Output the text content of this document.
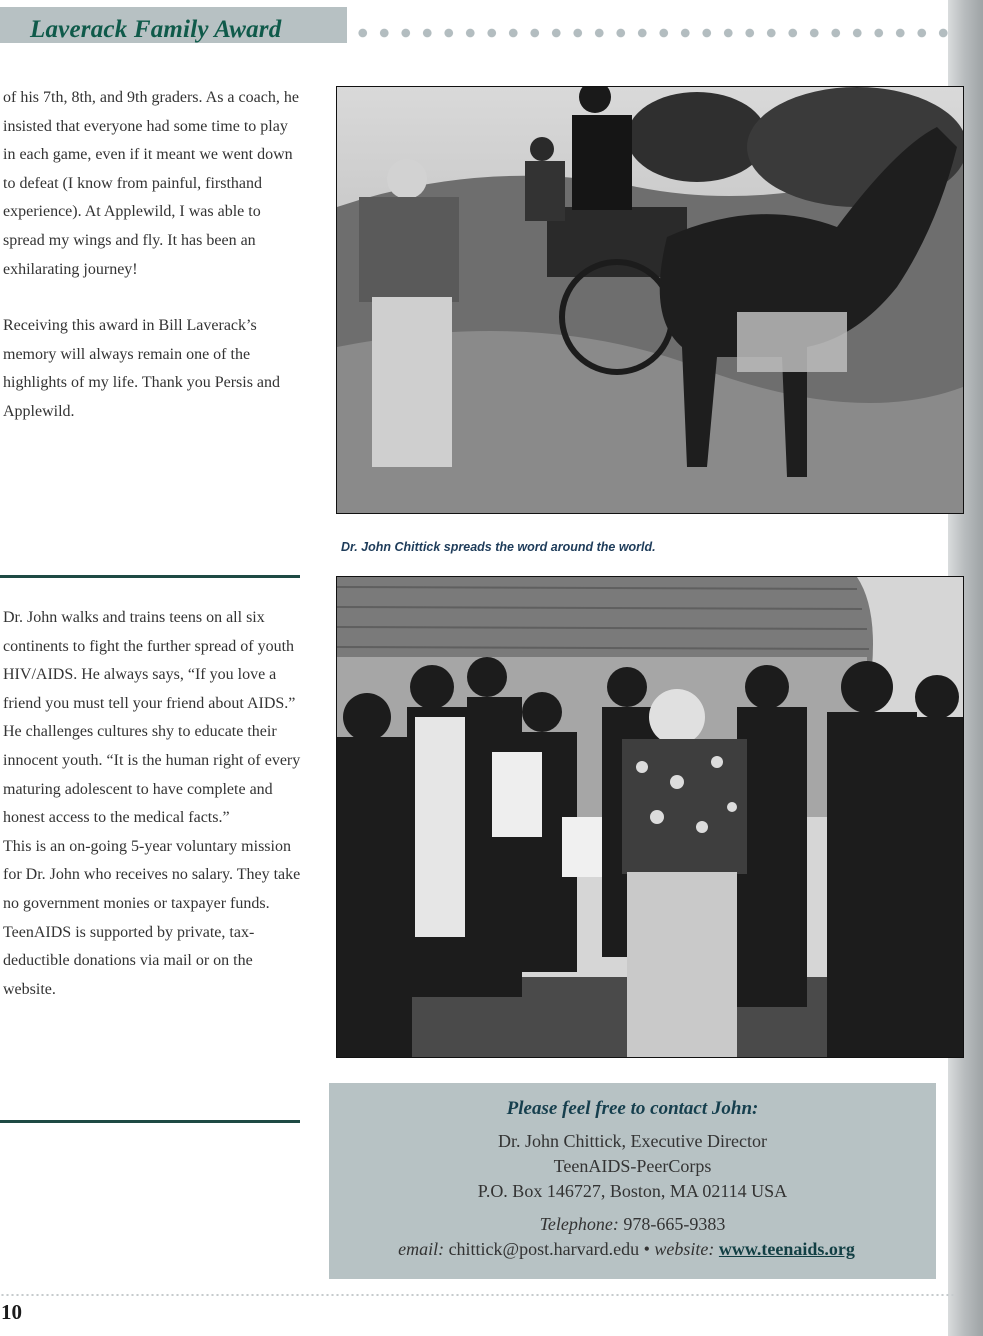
Laverack Family Award

of his 7th, 8th, and 9th graders. As a coach, he insisted that everyone had some time to play in each game, even if it meant we went down to defeat (I know from painful, firsthand experience). At Applewild, I was able to spread my wings and fly. It has been an exhilarating journey!

Receiving this award in Bill Laverack’s memory will always remain one of the highlights of my life. Thank you Persis and Applewild.

Dr. John walks and trains teens on all six continents to fight the further spread of youth HIV/AIDS. He always says, “If you love a friend you must tell your friend about AIDS.” He challenges cultures shy to educate their innocent youth. “It is the human right of every maturing adolescent to have complete and honest access to the medical facts.”

This is an on-going 5-year voluntary mission for Dr. John who receives no salary. They take no government monies or taxpayer funds. TeenAIDS is supported by private, tax-deductible donations via mail or on the website.

Dr. John Chittick spreads the word around the world.
Please feel free to contact John:
Dr. John Chittick, Executive Director
TeenAIDS-PeerCorps
P.O. Box 146727, Boston, MA 02114 USA
Telephone: 978-665-9383
email: chittick@post.harvard.edu • website: www.teenaids.org
10
